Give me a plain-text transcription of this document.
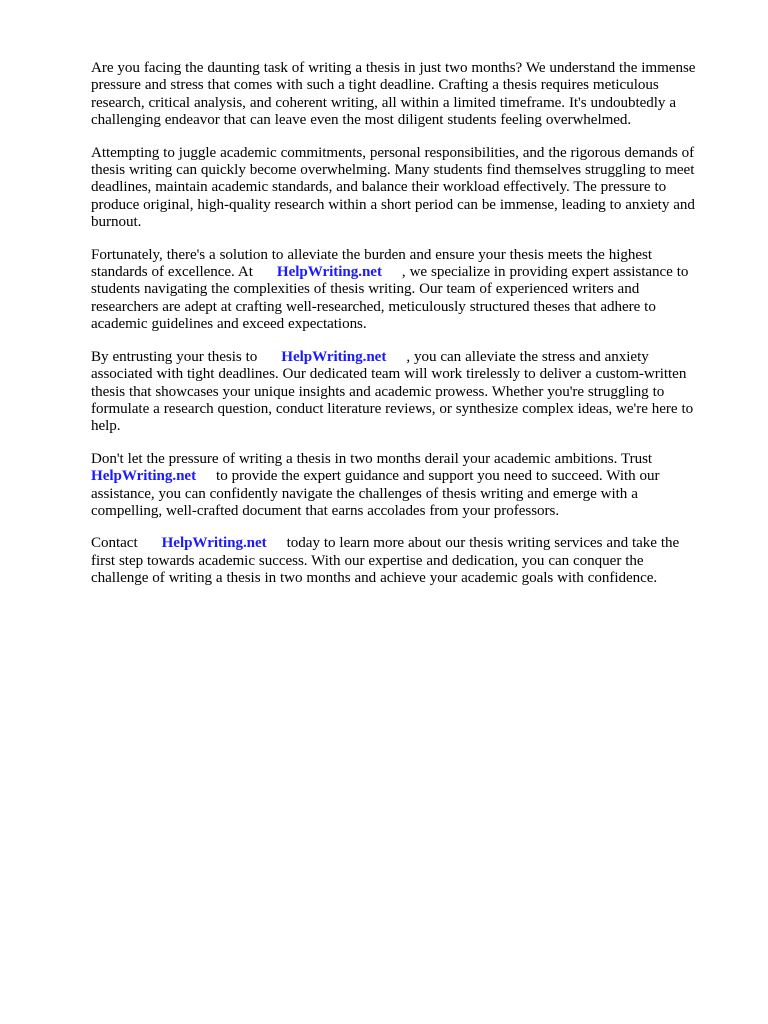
Are you facing the daunting task of writing a thesis in just two months? We understand the immense
pressure and stress that comes with such a tight deadline. Crafting a thesis requires meticulous
research, critical analysis, and coherent writing, all within a limited timeframe. It's undoubtedly a
challenging endeavor that can leave even the most diligent students feeling overwhelmed.

Attempting to juggle academic commitments, personal responsibilities, and the rigorous demands of
thesis writing can quickly become overwhelming. Many students find themselves struggling to meet
deadlines, maintain academic standards, and balance their workload effectively. The pressure to
produce original, high-quality research within a short period can be immense, leading to anxiety and
burnout.

Fortunately, there's a solution to alleviate the burden and ensure your thesis meets the highest
standards of excellence. At HelpWriting.net , we specialize in providing expert assistance to
students navigating the complexities of thesis writing. Our team of experienced writers and
researchers are adept at crafting well-researched, meticulously structured theses that adhere to
academic guidelines and exceed expectations.

By entrusting your thesis to HelpWriting.net , you can alleviate the stress and anxiety
associated with tight deadlines. Our dedicated team will work tirelessly to deliver a custom-written
thesis that showcases your unique insights and academic prowess. Whether you're struggling to
formulate a research question, conduct literature reviews, or synthesize complex ideas, we're here to
help.

Don't let the pressure of writing a thesis in two months derail your academic ambitions. Trust
HelpWriting.net to provide the expert guidance and support you need to succeed. With our
assistance, you can confidently navigate the challenges of thesis writing and emerge with a
compelling, well-crafted document that earns accolades from your professors.

Contact HelpWriting.net today to learn more about our thesis writing services and take the
first step towards academic success. With our expertise and dedication, you can conquer the
challenge of writing a thesis in two months and achieve your academic goals with confidence.
